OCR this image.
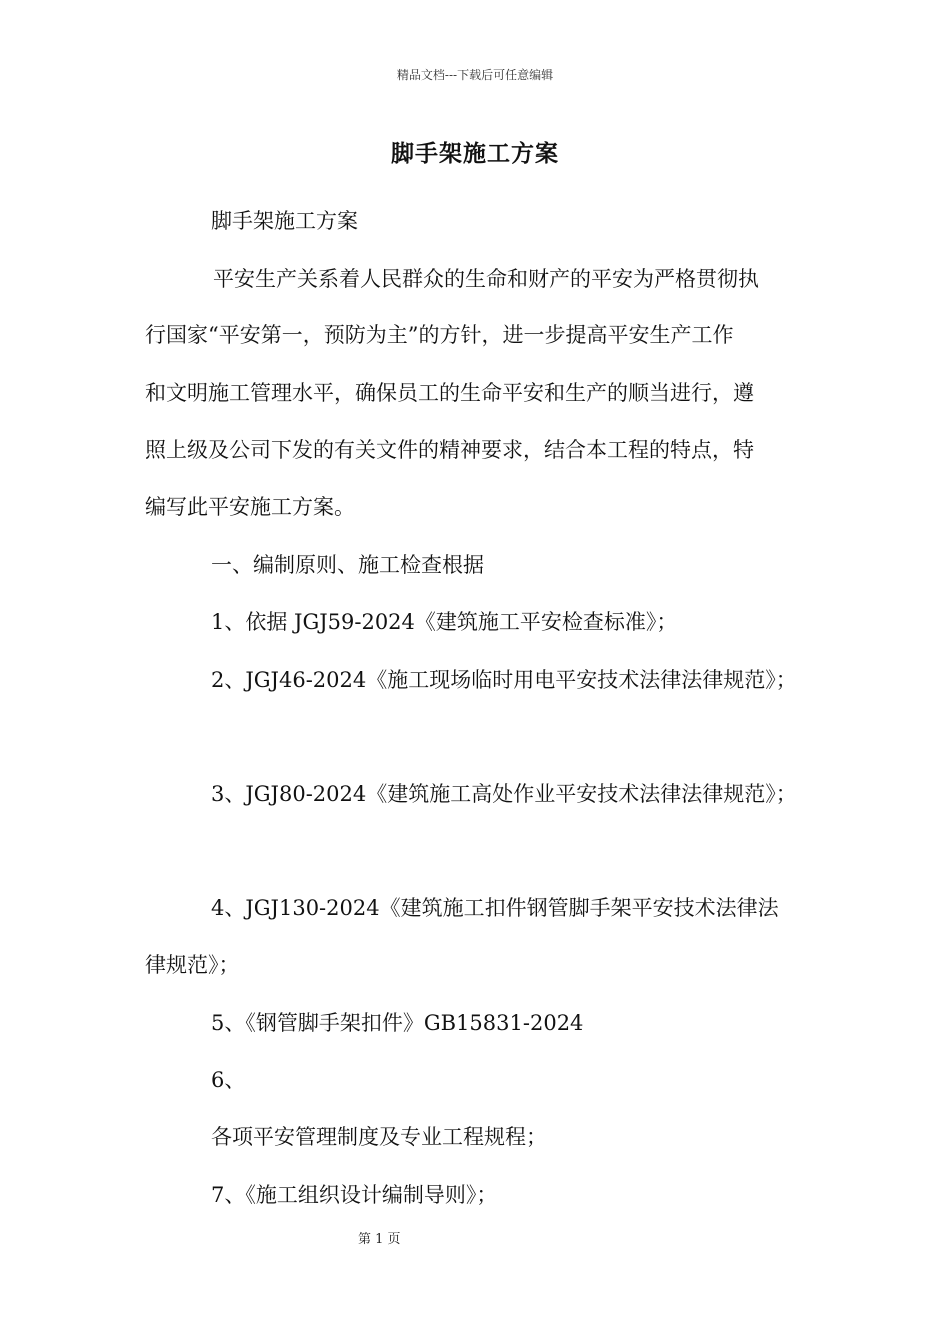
精品文档---下载后可任意编辑
脚手架施工方案
脚手架施工方案
平安生产关系着人民群众的生命和财产的平安为严格贯彻执
行国家“平安第一，预防为主”的方针，进一步提高平安生产工作
和文明施工管理水平，确保员工的生命平安和生产的顺当进行，遵
照上级及公司下发的有关文件的精神要求，结合本工程的特点，特
编写此平安施工方案。
一、编制原则、施工检查根据
1、依据 JGJ59-2024《建筑施工平安检查标准》；
2、JGJ46-2024《施工现场临时用电平安技术法律法律规范》；
3、JGJ80-2024《建筑施工高处作业平安技术法律法律规范》；
4、JGJ130-2024《建筑施工扣件钢管脚手架平安技术法律法
律规范》；
5、《钢管脚手架扣件》GB15831-2024
6、
各项平安管理制度及专业工程规程；
7、《施工组织设计编制导则》；
第 1 页
